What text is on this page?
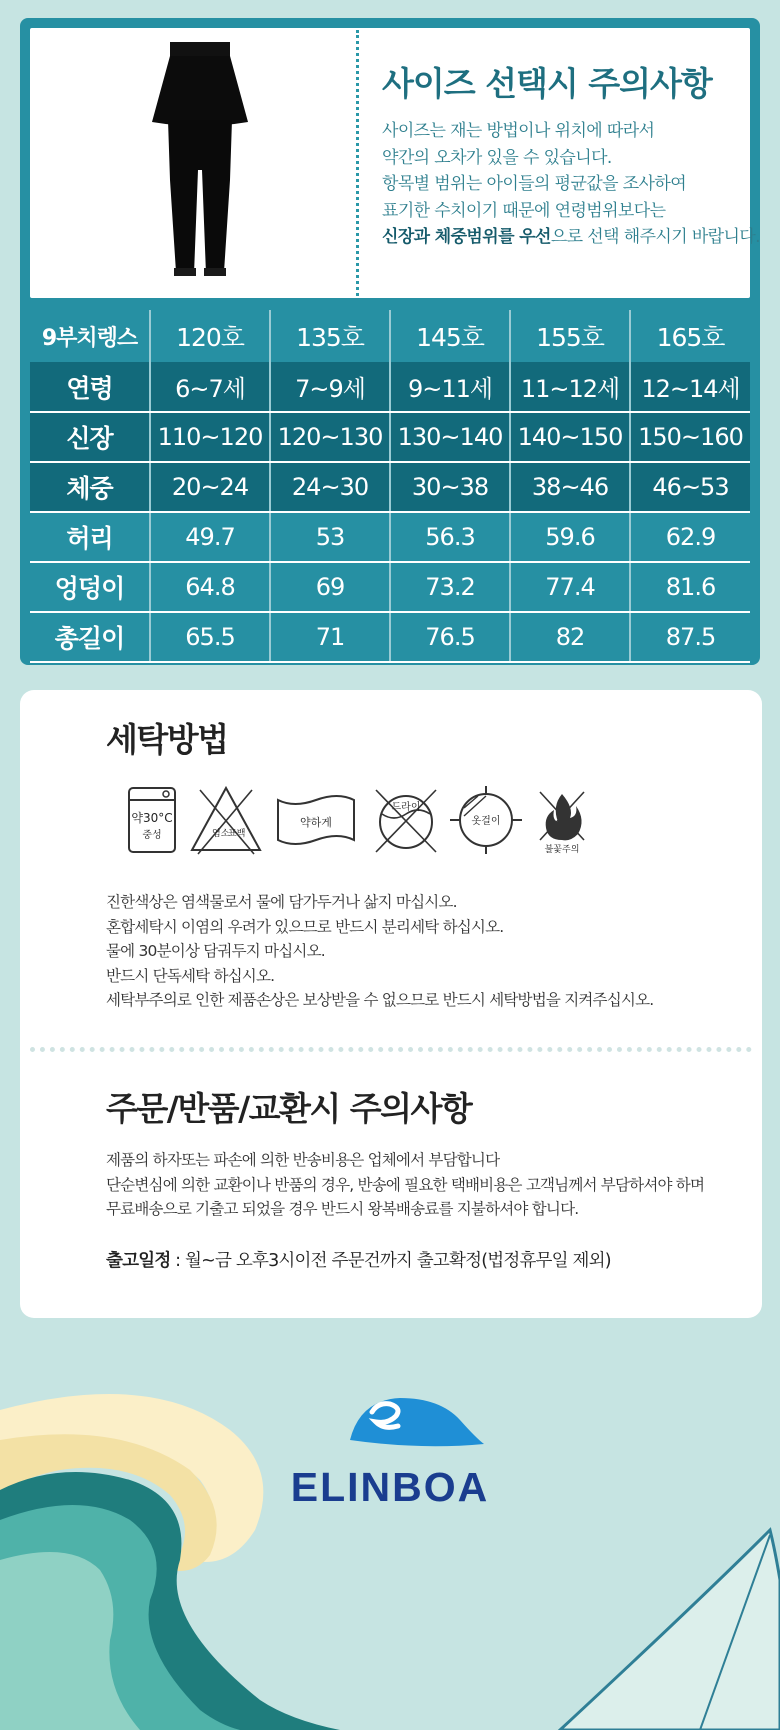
사이즈 선택시 주의사항
사이즈는 재는 방법이나 위치에 따라서
약간의 오차가 있을 수 있습니다.
항목별 범위는 아이들의 평균값을 조사하여
표기한 수치이기 때문에 연령범위보다는
신장과 체중범위를 우선으로 선택 해주시기 바랍니다.
9부치렝스	120호	135호	145호	155호	165호
연령	6~7세	7~9세	9~11세	11~12세	12~14세
신장	110~120	120~130	130~140	140~150	150~160
체중	20~24	24~30	30~38	38~46	46~53
허리	49.7	53	56.3	59.6	62.9
엉덩이	64.8	69	73.2	77.4	81.6
총길이	65.5	71	76.5	82	87.5
세탁방법
약30°C
중성	염소
표백
약하게
드라이
옷걸이
불꽃주의
진한색상은 염색물로서 물에 담가두거나 삶지 마십시오.
혼합세탁시 이염의 우려가 있으므로 반드시 분리세탁 하십시오.
물에 30분이상 담궈두지 마십시오.
반드시 단독세탁 하십시오.
세탁부주의로 인한 제품손상은 보상받을 수 없으므로 반드시 세탁방법을 지켜주십시오.
주문/반품/교환시 주의사항
제품의 하자또는 파손에 의한 반송비용은 업체에서 부담합니다
단순변심에 의한 교환이나 반품의 경우, 반송에 필요한 택배비용은 고객님께서 부담하셔야 하며
무료배송으로 기출고 되었을 경우 반드시 왕복배송료를 지불하셔야 합니다.
출고일정 : 월~금 오후3시이전 주문건까지 출고확정(법정휴무일 제외)
ELINBOA
